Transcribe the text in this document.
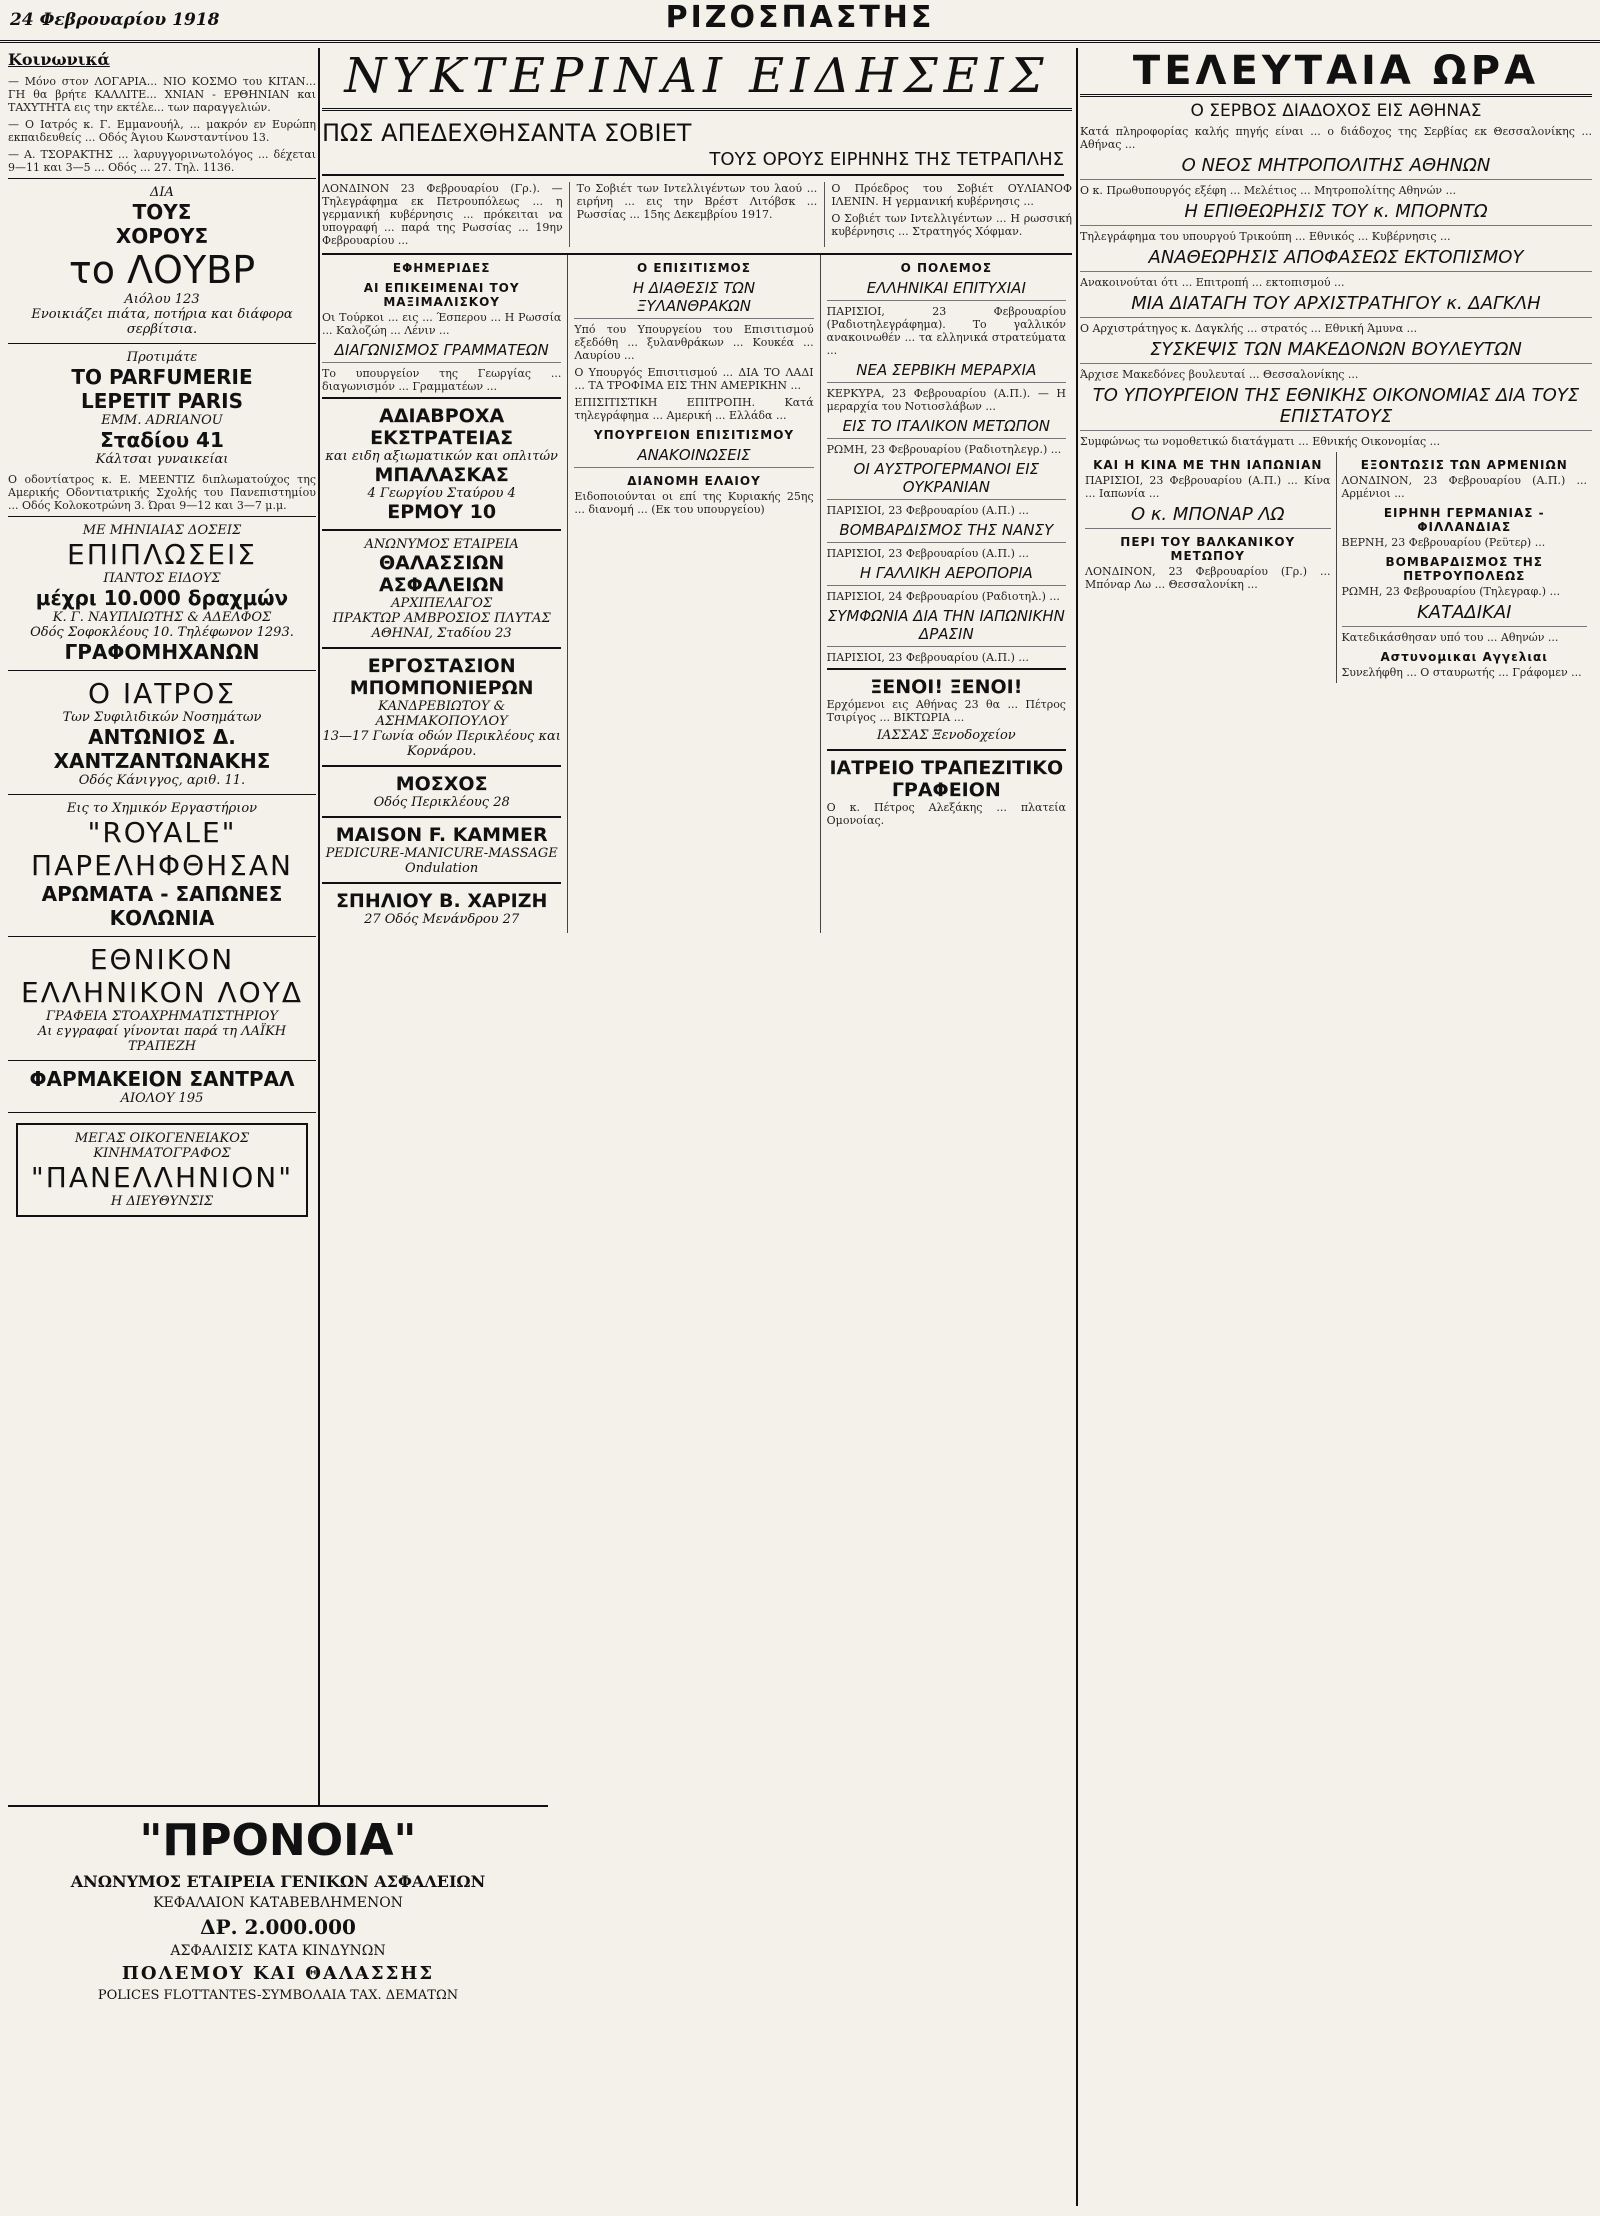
24 Φεβρουαρίου 1918	ΡΙΖΟΣΠΑΣΤΗΣ
Κοινωνικά

— Μόνο στον ΛΟΓΑΡΙΑ... ΝΙΟ ΚΟΣΜΟ του ΚΙΤΑΝ... ΓΗ θα βρήτε ΚΑΛΛΙΤΕ... ΧΝΙΑΝ - ΕΡΘΗΝΙΑΝ και ΤΑΧΥΤΗΤΑ εις την εκτέλε... των παραγγελιών.

— Ο Ιατρός κ. Γ. Εμμανουήλ, ... μακρόν εν Ευρώπη εκπαιδευθείς ... Οδός Άγιου Κωνσταντίνου 13.

— Α. ΤΣΟΡΑΚΤΗΣ ... λαρυγγορινωτολόγος ... δέχεται 9—11 και 3—5 ... Οδός ... 27. Τηλ. 1136.

ΔΙΑ
ΤΟΥΣ
ΧΟΡΟΥΣ
το ΛΟΥΒΡ
Αιόλου 123
Ενοικιάζει πιάτα, ποτήρια και διάφορα σερβίτσια.
Προτιμάτε
ΤΟ PARFUMERIE
LEPETIT PARIS
EMM. ADRIANOU
Σταδίου 41
Κάλτσαι γυναικείαι

Ο οδοντίατρος κ. Ε. ΜΕΕΝΤΙΖ διπλωματούχος της Αμερικής Οδοντιατρικής Σχολής του Πανεπιστημίου ... Οδός Κολοκοτρώνη 3. Ώραι 9—12 και 3—7 μ.μ.

ΜΕ ΜΗΝΙΑΙΑΣ ΔΟΣΕΙΣ
ΕΠΙΠΛΩΣΕΙΣ
ΠΑΝΤΟΣ ΕΙΔΟΥΣ
μέχρι 10.000 δραχμών
Κ. Γ. ΝΑΥΠΛΙΩΤΗΣ & ΑΔΕΛΦΟΣ
Οδός Σοφοκλέους 10. Τηλέφωνον 1293.
ΓΡΑΦΟΜΗΧΑΝΩΝ
Ο ΙΑΤΡΟΣ
Των Συφιλιδικών Νοσημάτων
ΑΝΤΩΝΙΟΣ Δ. ΧΑΝΤΖΑΝΤΩΝΑΚΗΣ
Οδός Κάνιγγος, αριθ. 11.
Εις το Χημικόν Εργαστήριον
"ROYALE"
ΠΑΡΕΛΗΦΘΗΣΑΝ
ΑΡΩΜΑΤΑ - ΣΑΠΩΝΕΣ
ΚΟΛΩΝΙΑ
ΕΘΝΙΚΟΝ
ΕΛΛΗΝΙΚΟΝ ΛΟΥΔ
ΓΡΑΦΕΙΑ ΣΤΟΑΧΡΗΜΑΤΙΣΤΗΡΙΟΥ
Αι εγγραφαί γίνονται παρά τη ΛΑΪΚΗ ΤΡΑΠΕΖΗ
ΦΑΡΜΑΚΕΙΟΝ ΣΑΝΤΡΑΛ
ΑΙΟΛΟΥ 195
ΜΕΓΑΣ ΟΙΚΟΓΕΝΕΙΑΚΟΣ ΚΙΝΗΜΑΤΟΓΡΑΦΟΣ
"ΠΑΝΕΛΛΗΝΙΟΝ"
Η ΔΙΕΥΘΥΝΣΙΣ
ΝΥΚΤΕΡΙΝΑΙ ΕΙΔΗΣΕΙΣ
ΠΩΣ ΑΠΕΔΕΧΘΗΣΑΝΤΑ ΣΟΒΙΕΤ
ΤΟΥΣ ΟΡΟΥΣ ΕΙΡΗΝΗΣ ΤΗΣ ΤΕΤΡΑΠΛΗΣ

ΛΟΝΔΙΝΟΝ 23 Φεβρουαρίου (Γρ.). — Τηλεγράφημα εκ Πετρουπόλεως ... η γερμανική κυβέρνησις ... πρόκειται να υπογραφή ... παρά της Ρωσσίας ... 19ην Φεβρουαρίου ...

Το Σοβιέτ των Ιντελλιγέντων του λαού ... ειρήνη ... εις την Βρέστ Λιτόβσκ ... Ρωσσίας ... 15ης Δεκεμβρίου 1917.

Ο Πρόεδρος του Σοβιέτ ΟΥΛΙΑΝΟΦ ΙΛΕΝΙΝ. Η γερμανική κυβέρνησις ...

Ο Σοβιέτ των Ιντελλιγέντων ... Η ρωσσική κυβέρνησις ... Στρατηγός Χόφμαν.

ΕΦΗΜΕΡΙΔΕΣ
ΑΙ ΕΠΙΚΕΙΜΕΝΑΙ ΤΟΥ ΜΑΞΙΜΑΛΙΣΚΟΥ

Οι Τούρκοι ... εις ... Έσπερου ... Η Ρωσσία ... Καλοζώη ... Λένιν ...

ΔΙΑΓΩΝΙΣΜΟΣ ΓΡΑΜΜΑΤΕΩΝ

Το υπουργείον της Γεωργίας ... διαγωνισμόν ... Γραμματέων ...

ΑΔΙΑΒΡΟΧΑ ΕΚΣΤΡΑΤΕΙΑΣ
και ειδη αξιωματικών και οπλιτών
ΜΠΑΛΑΣΚΑΣ
4 Γεωργίου Σταύρου 4
ΕΡΜΟΥ 10
ΑΝΩΝΥΜΟΣ ΕΤΑΙΡΕΙΑ
ΘΑΛΑΣΣΙΩΝ ΑΣΦΑΛΕΙΩΝ
ΑΡΧΙΠΕΛΑΓΟΣ
ΠΡΑΚΤΩΡ ΑΜΒΡΟΣΙΟΣ ΠΛΥΤΑΣ
ΑΘΗΝΑΙ, Σταδίου 23
ΕΡΓΟΣΤΑΣΙΟΝ
ΜΠΟΜΠΟΝΙΕΡΩΝ
ΚΑΝΔΡΕΒΙΩΤΟΥ & ΑΣΗΜΑΚΟΠΟΥΛΟΥ
13—17 Γωνία οδών Περικλέους και Κορνάρου.
ΜΟΣΧΟΣ
Οδός Περικλέους 28
MAISON F. KAMMER
PEDICURE-MANICURE-MASSAGE Ondulation
ΣΠΗΛΙΟΥ Β. ΧΑΡΙΖΗ
27 Οδός Μενάνδρου 27
Ο ΕΠΙΣΙΤΙΣΜΟΣ
Η ΔΙΑΘΕΣΙΣ ΤΩΝ ΞΥΛΑΝΘΡΑΚΩΝ

Υπό του Υπουργείου του Επισιτισμού εξεδόθη ... ξυλανθράκων ... Κουκέα ... Λαυρίου ...

Ο Υπουργός Επισιτισμού ... ΔΙΑ ΤΟ ΛΑΔΙ ... ΤΑ ΤΡΟΦΙΜΑ ΕΙΣ ΤΗΝ ΑΜΕΡΙΚΗΝ ...

ΕΠΙΣΙΤΙΣΤΙΚΗ ΕΠΙΤΡΟΠΗ. Κατά τηλεγράφημα ... Αμερική ... Ελλάδα ...

ΥΠΟΥΡΓΕΙΟΝ ΕΠΙΣΙΤΙΣΜΟΥ
ΑΝΑΚΟΙΝΩΣΕΙΣ
ΔΙΑΝΟΜΗ ΕΛΑΙΟΥ

Ειδοποιούνται οι επί της Κυριακής 25ης ... διανομή ... (Εκ του υπουργείου)

Ο ΠΟΛΕΜΟΣ
ΕΛΛΗΝΙΚΑΙ ΕΠΙΤΥΧΙΑΙ

ΠΑΡΙΣΙΟΙ, 23 Φεβρουαρίου (Ραδιοτηλεγράφημα). Το γαλλικόν ανακοινωθέν ... τα ελληνικά στρατεύματα ...

ΝΕΑ ΣΕΡΒΙΚΗ ΜΕΡΑΡΧΙΑ

ΚΕΡΚΥΡΑ, 23 Φεβρουαρίου (Α.Π.). — Η μεραρχία του Νοτιοσλάβων ...

ΕΙΣ ΤΟ ΙΤΑΛΙΚΟΝ ΜΕΤΩΠΟΝ

ΡΩΜΗ, 23 Φεβρουαρίου (Ραδιοτηλεγρ.) ...

ΟΙ ΑΥΣΤΡΟΓΕΡΜΑΝΟΙ ΕΙΣ ΟΥΚΡΑΝΙΑΝ

ΠΑΡΙΣΙΟΙ, 23 Φεβρουαρίου (Α.Π.) ...

ΒΟΜΒΑΡΔΙΣΜΟΣ ΤΗΣ ΝΑΝΣΥ

ΠΑΡΙΣΙΟΙ, 23 Φεβρουαρίου (Α.Π.) ...

Η ΓΑΛΛΙΚΗ ΑΕΡΟΠΟΡΙΑ

ΠΑΡΙΣΙΟΙ, 24 Φεβρουαρίου (Ραδιοτηλ.) ...

ΣΥΜΦΩΝΙΑ ΔΙΑ ΤΗΝ ΙΑΠΩΝΙΚΗΝ ΔΡΑΣΙΝ

ΠΑΡΙΣΙΟΙ, 23 Φεβρουαρίου (Α.Π.) ...

ΞΕΝΟΙ! ΞΕΝΟΙ!

Ερχόμενοι εις Αθήνας 23 θα ... Πέτρος Τσιρίγος ... ΒΙΚΤΩΡΙΑ ...

ΙΑΣΣΑΣ Ξενοδοχείον
ΙΑΤΡΕΙΟ ΤΡΑΠΕΖΙΤΙΚΟ ΓΡΑΦΕΙΟΝ

Ο κ. Πέτρος Αλεξάκης ... πλατεία Ομονοίας.

ΤΕΛΕΥΤΑΙΑ ΩΡΑ
Ο ΣΕΡΒΟΣ ΔΙΑΔΟΧΟΣ ΕΙΣ ΑΘΗΝΑΣ

Κατά πληροφορίας καλής πηγής είναι ... ο διάδοχος της Σερβίας εκ Θεσσαλονίκης ... Αθήνας ...

Ο ΝΕΟΣ ΜΗΤΡΟΠΟΛΙΤΗΣ ΑΘΗΝΩΝ

Ο κ. Πρωθυπουργός εξέφη ... Μελέτιος ... Μητροπολίτης Αθηνών ...

Η ΕΠΙΘΕΩΡΗΣΙΣ ΤΟΥ κ. ΜΠΟΡΝΤΩ

Τηλεγράφημα του υπουργού Τρικούπη ... Εθνικός ... Κυβέρνησις ...

ΑΝΑΘΕΩΡΗΣΙΣ ΑΠΟΦΑΣΕΩΣ ΕΚΤΟΠΙΣΜΟΥ

Ανακοινούται ότι ... Επιτροπή ... εκτοπισμού ...

ΜΙΑ ΔΙΑΤΑΓΗ ΤΟΥ ΑΡΧΙΣΤΡΑΤΗΓΟΥ κ. ΔΑΓΚΛΗ

Ο Αρχιστράτηγος κ. Δαγκλής ... στρατός ... Εθνική Άμυνα ...

ΣΥΣΚΕΨΙΣ ΤΩΝ ΜΑΚΕΔΟΝΩΝ ΒΟΥΛΕΥΤΩΝ

Άρχισε Μακεδόνες βουλευταί ... Θεσσαλονίκης ...

ΤΟ ΥΠΟΥΡΓΕΙΟΝ ΤΗΣ ΕΘΝΙΚΗΣ ΟΙΚΟΝΟΜΙΑΣ ΔΙΑ ΤΟΥΣ ΕΠΙΣΤΑΤΟΥΣ

Συμφώνως τω νομοθετικώ διατάγματι ... Εθνικής Οικονομίας ...

ΚΑΙ Η ΚΙΝΑ ΜΕ ΤΗΝ ΙΑΠΩΝΙΑΝ

ΠΑΡΙΣΙΟΙ, 23 Φεβρουαρίου (Α.Π.) ... Κίνα ... Ιαπωνία ...

Ο κ. ΜΠΟΝΑΡ ΛΩ
ΠΕΡΙ ΤΟΥ ΒΑΛΚΑΝΙΚΟΥ ΜΕΤΩΠΟΥ

ΛΟΝΔΙΝΟΝ, 23 Φεβρουαρίου (Γρ.) ... Μπόναρ Λω ... Θεσσαλονίκη ...

ΕΞΟΝΤΩΣΙΣ ΤΩΝ ΑΡΜΕΝΙΩΝ

ΛΟΝΔΙΝΟΝ, 23 Φεβρουαρίου (Α.Π.) ... Αρμένιοι ...

ΕΙΡΗΝΗ ΓΕΡΜΑΝΙΑΣ - ΦΙΛΛΑΝΔΙΑΣ

ΒΕΡΝΗ, 23 Φεβρουαρίου (Ρεϋτερ) ...

ΒΟΜΒΑΡΔΙΣΜΟΣ ΤΗΣ ΠΕΤΡΟΥΠΟΛΕΩΣ

ΡΩΜΗ, 23 Φεβρουαρίου (Τηλεγραφ.) ...

ΚΑΤΑΔΙΚΑΙ

Κατεδικάσθησαν υπό του ... Αθηνών ...

Αστυνομικαι Αγγελιαι

Συνελήφθη ... Ο σταυρωτής ... Γράφομεν ...

"ΠΡΟΝΟΙΑ"
ΑΝΩΝΥΜΟΣ ΕΤΑΙΡΕΙΑ ΓΕΝΙΚΩΝ ΑΣΦΑΛΕΙΩΝ
ΚΕΦΑΛΑΙΟΝ ΚΑΤΑΒΕΒΛΗΜΕΝΟΝ
ΔΡ. 2.000.000
ΑΣΦΑΛΙΣΙΣ ΚΑΤΑ ΚΙΝΔΥΝΩΝ
ΠΟΛΕΜΟΥ ΚΑΙ ΘΑΛΑΣΣΗΣ
POLICES FLOTTANTES-ΣΥΜΒΟΛΑΙΑ ΤΑΧ. ΔΕΜΑΤΩΝ
